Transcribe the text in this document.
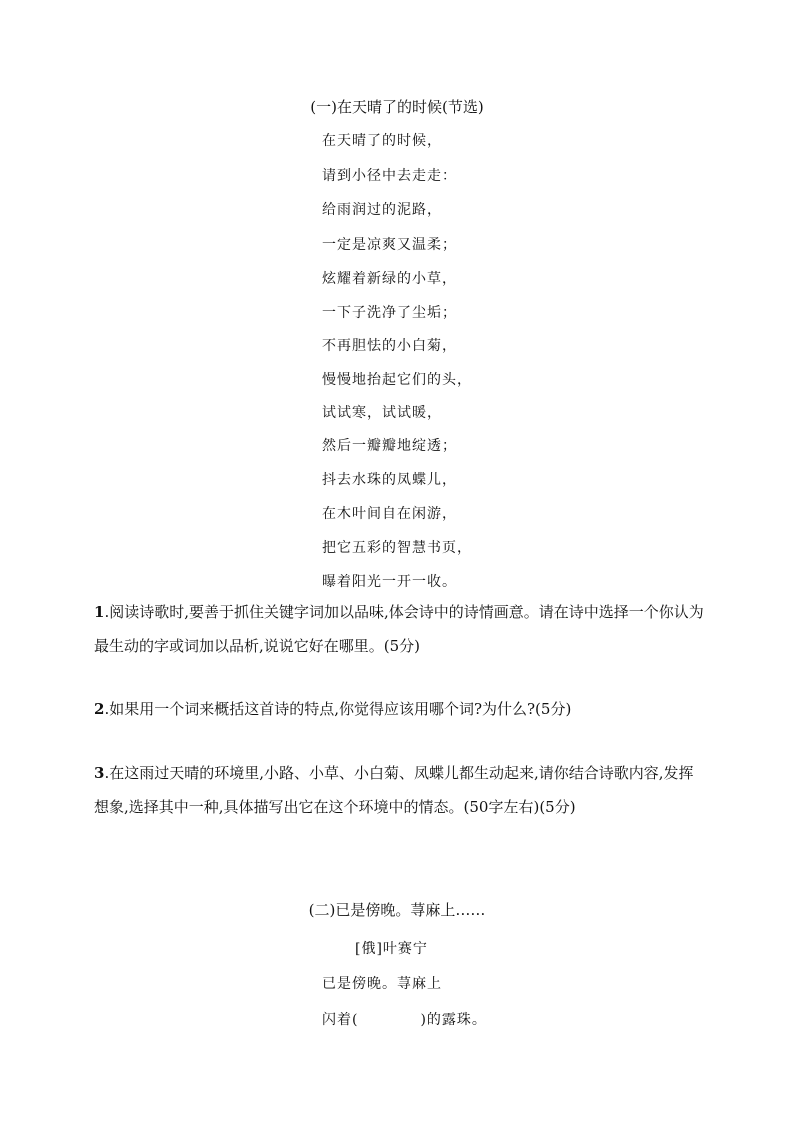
(一)在天晴了的时候(节选)
在天晴了的时候，
请到小径中去走走：
给雨润过的泥路，
一定是凉爽又温柔；
炫耀着新绿的小草，
一下子洗净了尘垢；
不再胆怯的小白菊，
慢慢地抬起它们的头，
试试寒，试试暖，
然后一瓣瓣地绽透；
抖去水珠的凤蝶儿，
在木叶间自在闲游，
把它五彩的智慧书页，
曝着阳光一开一收。
1.阅读诗歌时,要善于抓住关键字词加以品味,体会诗中的诗情画意。请在诗中选择一个你认为最生动的字或词加以品析,说说它好在哪里。(5分)
2.如果用一个词来概括这首诗的特点,你觉得应该用哪个词?为什么?(5分)
3.在这雨过天晴的环境里,小路、小草、小白菊、凤蝶儿都生动起来,请你结合诗歌内容,发挥想象,选择其中一种,具体描写出它在这个环境中的情态。(50字左右)(5分)
(二)已是傍晚。荨麻上……
[俄]叶赛宁
已是傍晚。荨麻上
闪着(	)的露珠。
